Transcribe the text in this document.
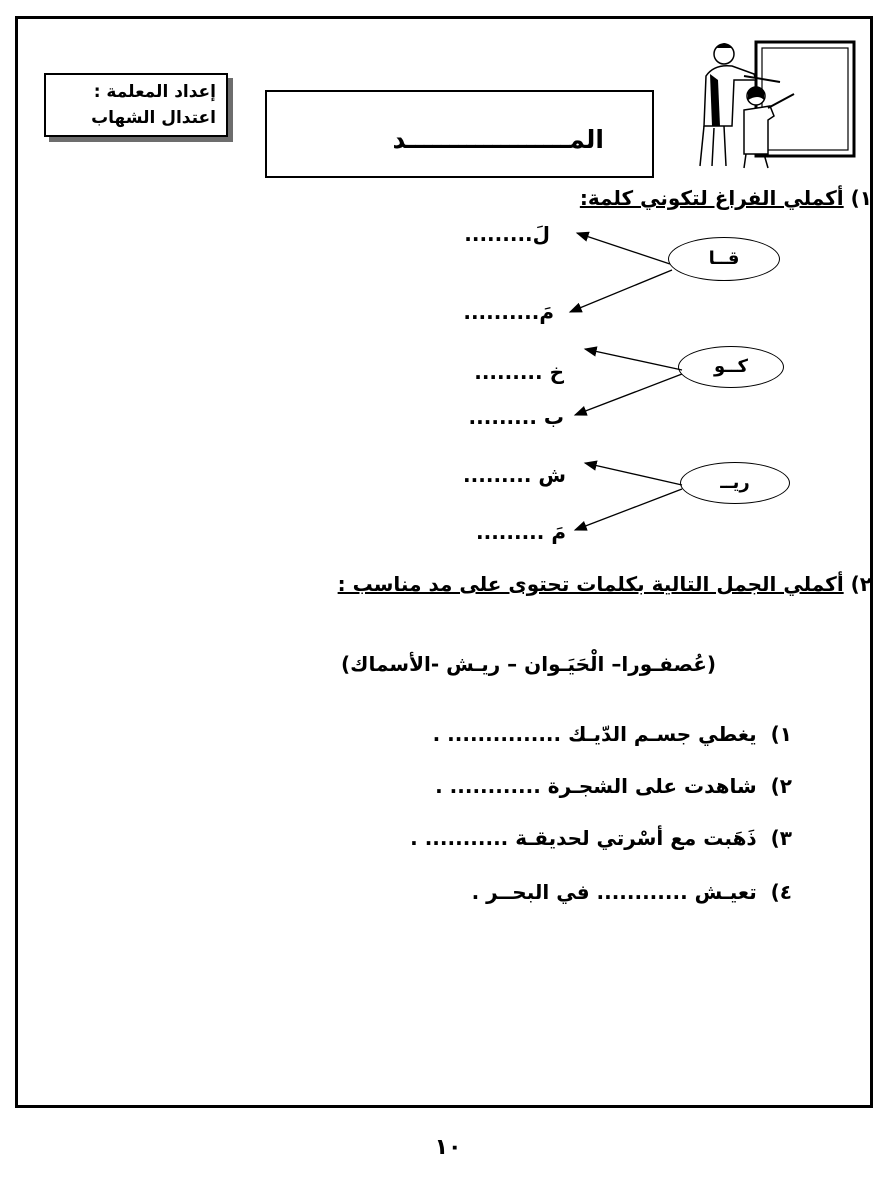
إعداد المعلمة :
اعتدال الشهاب
المـــــــــــــــــــد
١) أكملي الفراغ لتكوني كلمة:
قــا
كــو
ريــ
لَ.........
مَ..........
خ .........
ب .........
ش .........
مَ .........
٢) أكملي الجمل التالية بكلمات تحتوى على مد مناسب :
(عُصفـورا– الْحَيَـوان – ريـش -الأسماك)
١)  يغطي جسـم الدّيـك ............... .
٢)  شاهدت على الشجـرة ............ .
٣)  ذَهَبت مع أسْرتي لحديقـة ........... .
٤)  تعيـش ............ في البحــر .
١٠
